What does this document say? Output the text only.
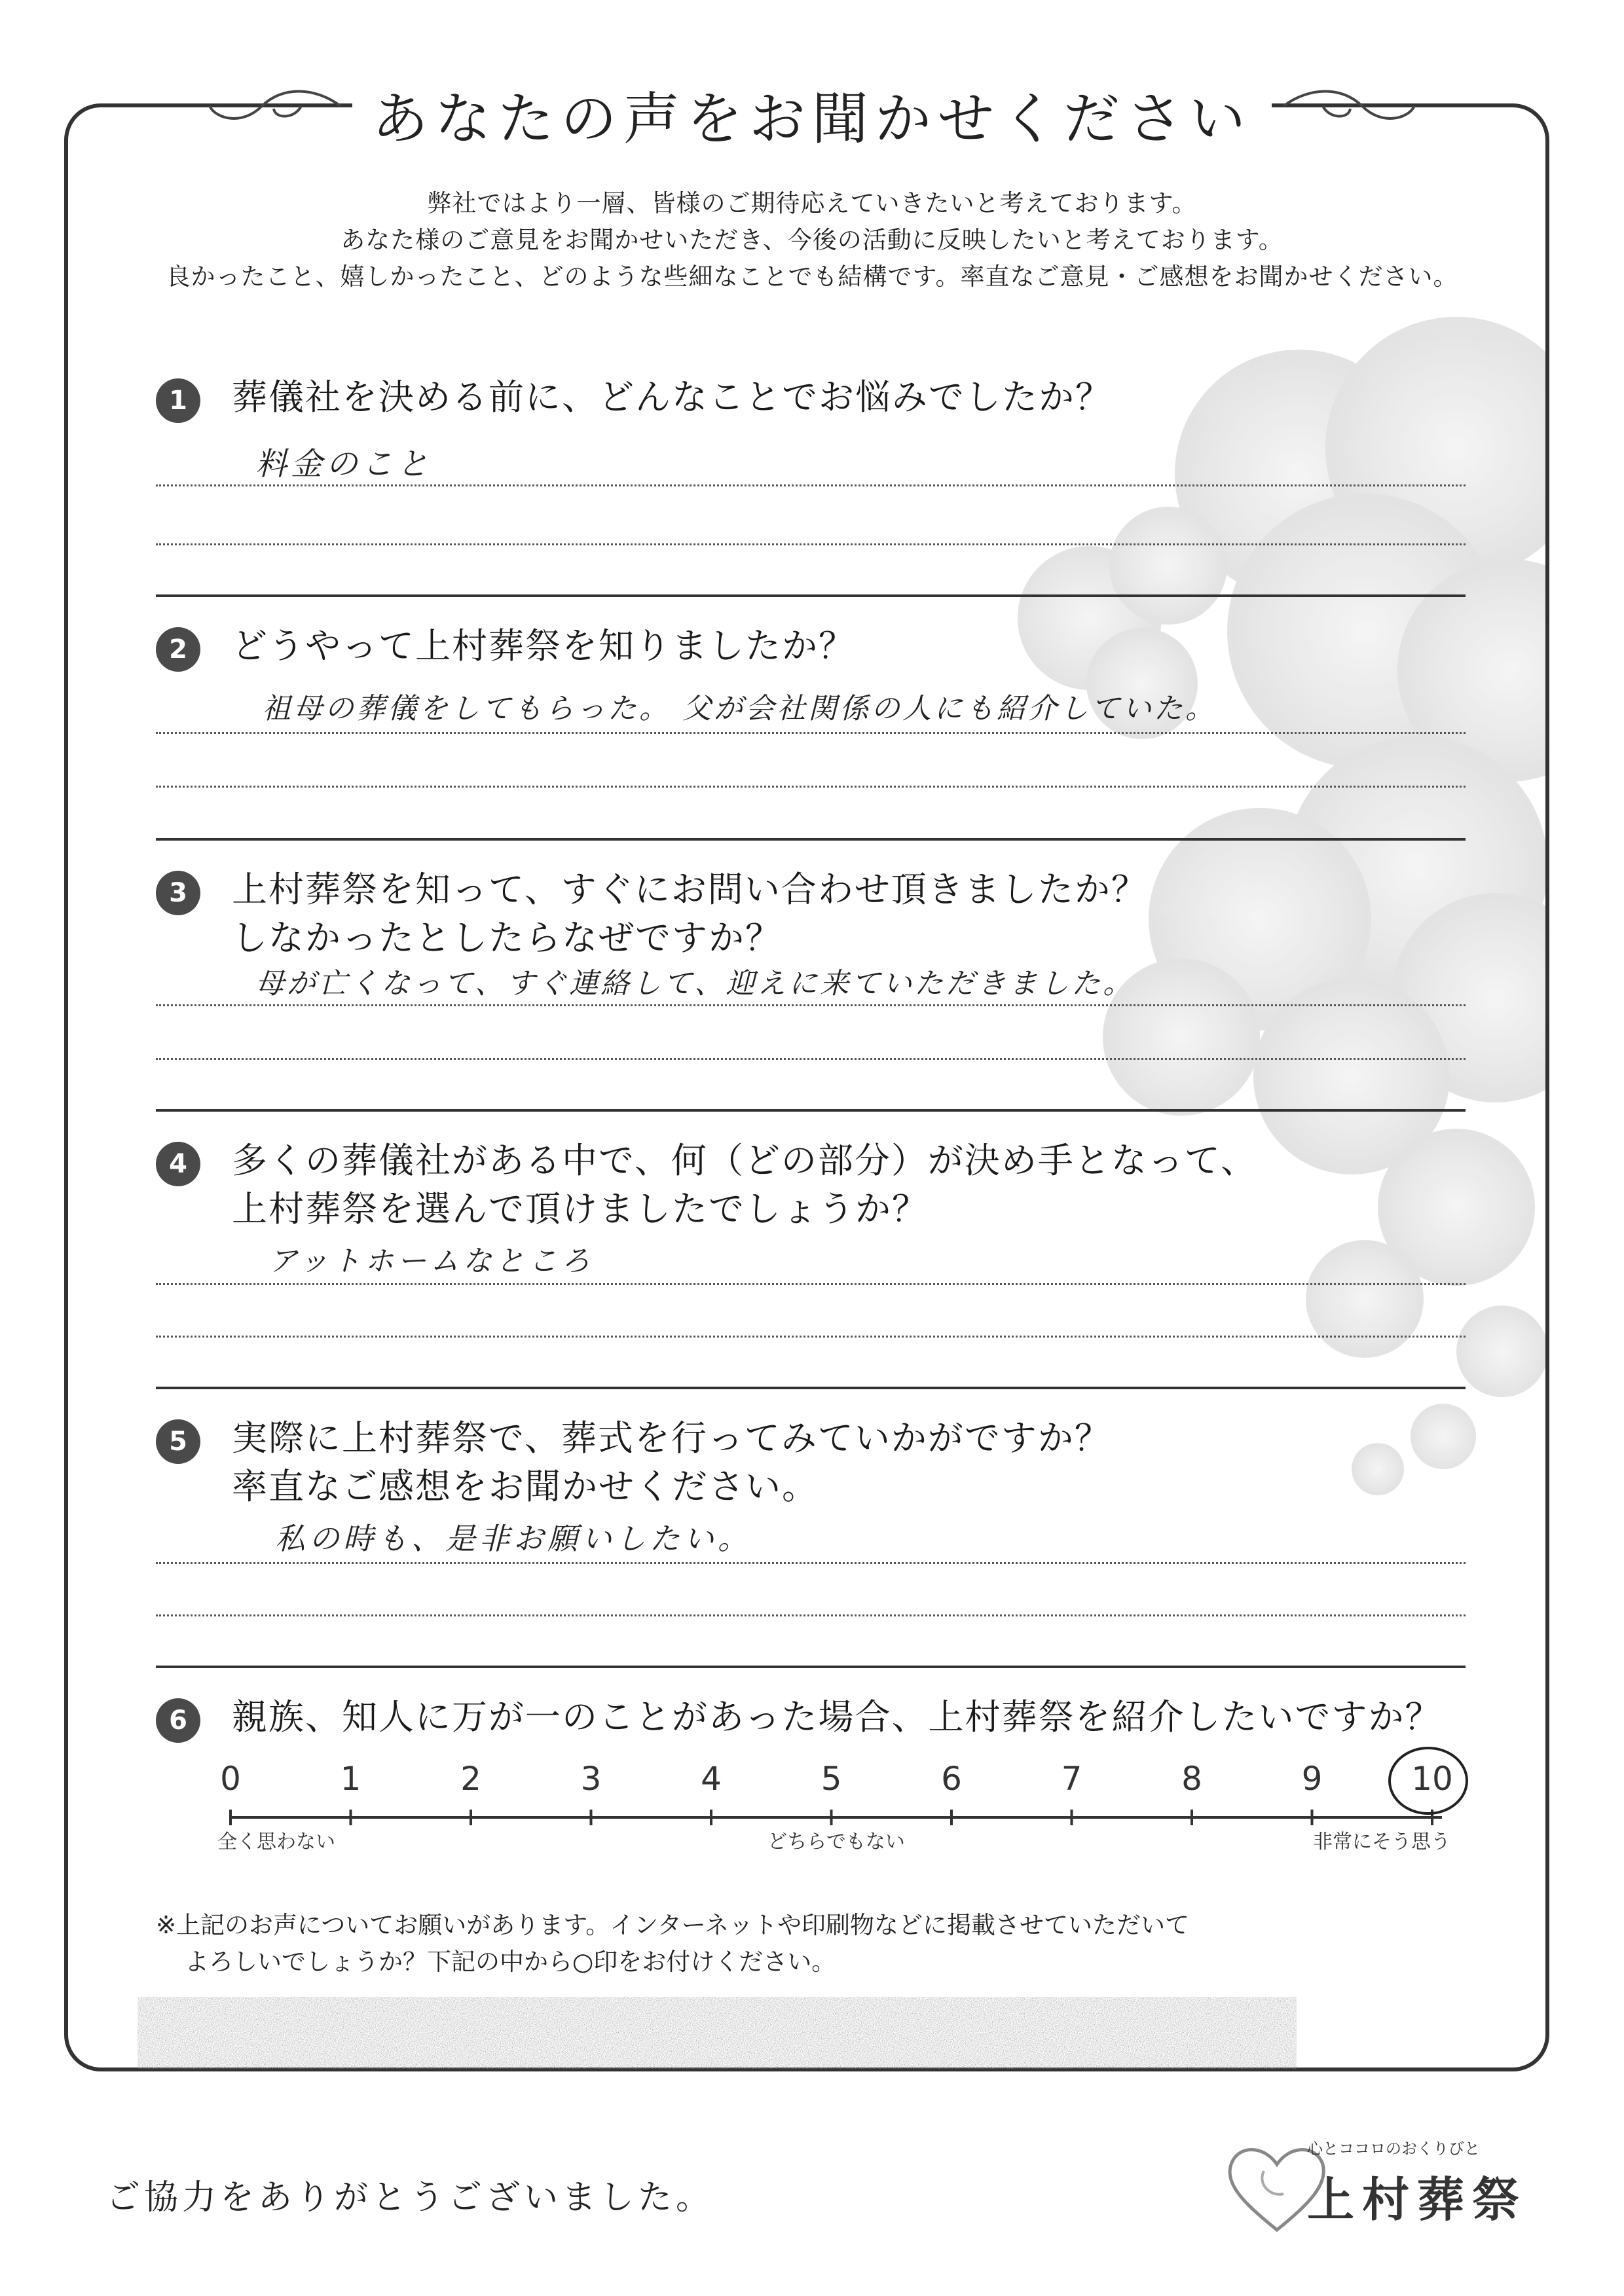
あなたの声をお聞かせください
弊社ではより一層、皆様のご期待応えていきたいと考えております。
あなた様のご意見をお聞かせいただき、今後の活動に反映したいと考えております。
良かったこと、嬉しかったこと、どのような些細なことでも結構です。率直なご意見・ご感想をお聞かせください。
1	葬儀社を決める前に、どんなことでお悩みでしたか？
料金のこと
2	どうやって上村葬祭を知りましたか？
祖母の葬儀をしてもらった。 父が会社関係の人にも紹介していた。
3	上村葬祭を知って、すぐにお問い合わせ頂きましたか？
しなかったとしたらなぜですか？
母が亡くなって、すぐ連絡して、迎えに来ていただきました。
4	多くの葬儀社がある中で、何（どの部分）が決め手となって、
上村葬祭を選んで頂けましたでしょうか？
アットホームなところ
5	実際に上村葬祭で、葬式を行ってみていかがですか？
率直なご感想をお聞かせください。
私の時も、是非お願いしたい。
6	親族、知人に万が一のことがあった場合、上村葬祭を紹介したいですか？
0	1	2	3	4	5	6	7	8	9	10
全く思わない	どちらでもない	非常にそう思う
※上記のお声についてお願いがあります。インターネットや印刷物などに掲載させていただいて
よろしいでしょうか？下記の中から○印をお付けください。
ご協力をありがとうございました。
心とココロのおくりびと
上村葬祭
